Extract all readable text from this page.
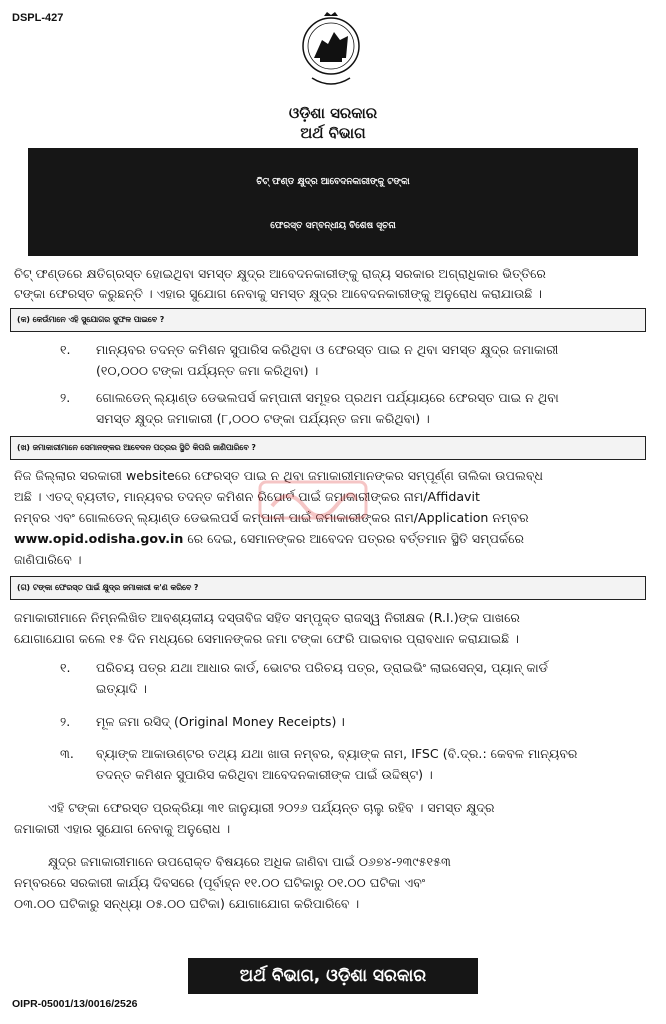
DSPL-427
ଓଡ଼ିଶା ସରକାର
ଅର୍ଥ ବିଭାଗ
ଚିଟ୍ ଫଣ୍ଡ କ୍ଷୁଦ୍ର ଆବେଦନକାରୀଙ୍କୁ ଟଙ୍କା
ଫେରସ୍ତ ସମ୍ବନ୍ଧୀୟ ବିଶେଷ ସୂଚନା
ଚିଟ୍ ଫଣ୍ଡରେ କ୍ଷତିଗ୍ରସ୍ତ ହୋଇଥିବା ସମସ୍ତ କ୍ଷୁଦ୍ର ଆବେଦନକାରୀଙ୍କୁ ରାଜ୍ୟ ସରକାର ଅଗ୍ରାଧିକାର ଭିତ୍ତିରେ
ଟଙ୍କା ଫେରସ୍ତ କରୁଛନ୍ତି । ଏହାର ସୁଯୋଗ ନେବାକୁ ସମସ୍ତ କ୍ଷୁଦ୍ର ଆବେଦନକାରୀଙ୍କୁ ଅନୁରୋଧ କରାଯାଉଛି ।
(କ) କେଉଁମାନେ ଏହି ସୁଯୋଗର ସୁଫଳ ପାଇବେ ?
୧. ମାନ୍ୟବର ତଦନ୍ତ କମିଶନ ସୁପାରିସ କରିଥିବା ଓ ଫେରସ୍ତ ପାଇ ନ ଥିବା ସମସ୍ତ କ୍ଷୁଦ୍ର ଜମାକାରୀ
(୧୦,୦୦୦ ଟଙ୍କା ପର୍ଯ୍ୟନ୍ତ ଜମା କରିଥିବା) ।
୨. ଗୋଲଡେନ୍ ଲ୍ୟାଣ୍ଡ ଡେଭଲପର୍ସ କମ୍ପାନୀ ସମୂହର ପ୍ରଥମ ପର୍ଯ୍ୟାୟରେ ଫେରସ୍ତ ପାଇ ନ ଥିବା
ସମସ୍ତ କ୍ଷୁଦ୍ର ଜମାକାରୀ (୮,୦୦୦ ଟଙ୍କା ପର୍ଯ୍ୟନ୍ତ ଜମା କରିଥିବା) ।
(ଖ) ଜମାକାରୀମାନେ ସେମାନଙ୍କର ଆବେଦନ ପତ୍ରର ସ୍ଥିତି କିପରି ଜାଣିପାରିବେ ?
ନିଜ ଜିଲ୍ଲାର ସରକାରୀ websiteରେ ଫେରସ୍ତ ପାଇ ନ ଥିବା ଜମାକାରୀମାନଙ୍କର ସମ୍ପୂର୍ଣ୍ଣ ତାଲିକା ଉପଲବ୍ଧ
ଅଛି । ଏତଦ୍ ବ୍ୟତୀତ, ମାନ୍ୟବର ତଦନ୍ତ କମିଶନ ରିପୋର୍ଟ ପାଇଁ ଜମାକାରୀଙ୍କର ନାମ/Affidavit
ନମ୍ବର ଏବଂ ଗୋଲଡେନ୍ ଲ୍ୟାଣ୍ଡ ଡେଭଲପର୍ସ କମ୍ପାନୀ ପାଇଁ ଜମାକାରୀଙ୍କର ନାମ/Application ନମ୍ବର
www.opid.odisha.gov.in ରେ ଦେଇ, ସେମାନଙ୍କର ଆବେଦନ ପତ୍ରର ବର୍ତ୍ତମାନ ସ୍ଥିତି ସମ୍ପର୍କରେ
ଜାଣିପାରିବେ ।
(ଗ) ଟଙ୍କା ଫେରସ୍ତ ପାଇଁ କ୍ଷୁଦ୍ର ଜମାକାରୀ କ'ଣ କରିବେ ?
ଜମାକାରୀମାନେ ନିମ୍ନଲିଖିତ ଆବଶ୍ୟକୀୟ ଦସ୍ତାବିଜ ସହିତ ସମ୍ପୃକ୍ତ ରାଜସ୍ୱ ନିରୀକ୍ଷକ (R.I.)ଙ୍କ ପାଖରେ
ଯୋଗାଯୋଗ କଲେ ୧୫ ଦିନ ମଧ୍ୟରେ ସେମାନଙ୍କର ଜମା ଟଙ୍କା ଫେରି ପାଇବାର ପ୍ରାବଧାନ କରାଯାଇଛି ।
୧. ପରିଚୟ ପତ୍ର ଯଥା ଆଧାର କାର୍ଡ, ଭୋଟର ପରିଚୟ ପତ୍ର, ଡ୍ରାଇଭିଂ ଲାଇସେନ୍ସ, ପ୍ୟାନ୍ କାର୍ଡ
ଇତ୍ୟାଦି ।
୨. ମୂଳ ଜମା ରସିଦ୍ (Original Money Receipts) ।
୩. ବ୍ୟାଙ୍କ ଆକାଉଣ୍ଟର ତଥ୍ୟ ଯଥା ଖାତା ନମ୍ବର, ବ୍ୟାଙ୍କ ନାମ, IFSC (ବି.ଦ୍ର.: କେବଳ ମାନ୍ୟବର
ତଦନ୍ତ କମିଶନ ସୁପାରିସ କରିଥିବା ଆବେଦନକାରୀଙ୍କ ପାଇଁ ଉଦ୍ଦିଷ୍ଟ) ।
ଏହି ଟଙ୍କା ଫେରସ୍ତ ପ୍ରକ୍ରିୟା ୩୧ ଜାନୁୟାରୀ ୨୦୨୬ ପର୍ଯ୍ୟନ୍ତ ଚାଲୁ ରହିବ । ସମସ୍ତ କ୍ଷୁଦ୍ର
ଜମାକାରୀ ଏହାର ସୁଯୋଗ ନେବାକୁ ଅନୁରୋଧ ।
କ୍ଷୁଦ୍ର ଜମାକାରୀମାନେ ଉପରୋକ୍ତ ବିଷୟରେ ଅଧିକ ଜାଣିବା ପାଇଁ ୦୬୭୪-୨୩୯୫୧୫୩
ନମ୍ବରରେ ସରକାରୀ କାର୍ଯ୍ୟ ଦିବସରେ (ପୂର୍ବାହ୍ନ ୧୧.୦୦ ଘଟିକାରୁ ୦୧.୦୦ ଘଟିକା ଏବଂ
୦୩.୦୦ ଘଟିକାରୁ ସନ୍ଧ୍ୟା ୦୫.୦୦ ଘଟିକା) ଯୋଗାଯୋଗ କରିପାରିବେ ।
ଅର୍ଥ ବିଭାଗ, ଓଡ଼ିଶା ସରକାର
OIPR-05001/13/0016/2526
